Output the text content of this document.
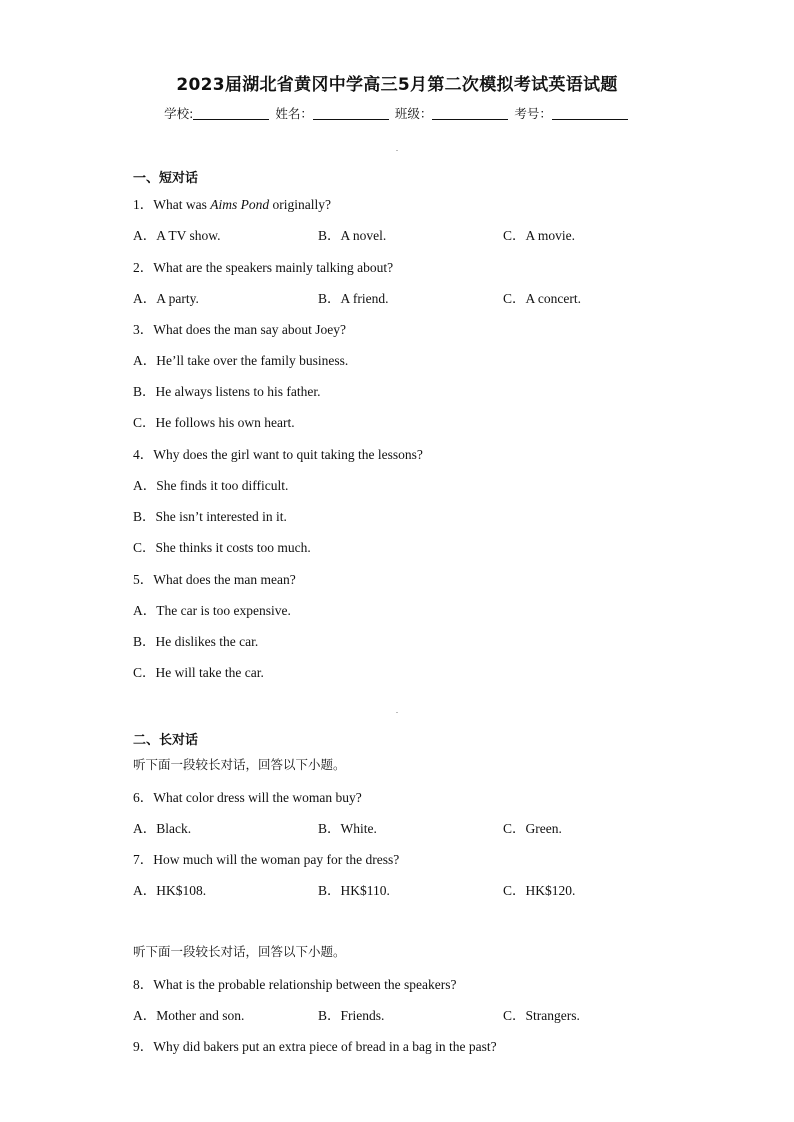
2023届湖北省黄冈中学高三5月第二次模拟考试英语试题
学校:	姓名：	班级：	考号：
一、短对话
1．What was Aims Pond originally?
A．A TV show.	B．A novel.	C．A movie.
2．What are the speakers mainly talking about?
A．A party.	B．A friend.	C．A concert.
3．What does the man say about Joey?
A．He’ll take over the family business.
B．He always listens to his father.
C．He follows his own heart.
4．Why does the girl want to quit taking the lessons?
A．She finds it too difficult.
B．She isn’t interested in it.
C．She thinks it costs too much.
5．What does the man mean?
A．The car is too expensive.
B．He dislikes the car.
C．He will take the car.
二、长对话
听下面一段较长对话，回答以下小题。
6．What color dress will the woman buy?
A．Black.	B．White.	C．Green.
7．How much will the woman pay for the dress?
A．HK$108.	B．HK$110.	C．HK$120.
听下面一段较长对话，回答以下小题。
8．What is the probable relationship between the speakers?
A．Mother and son.	B．Friends.	C．Strangers.
9．Why did bakers put an extra piece of bread in a bag in the past?
